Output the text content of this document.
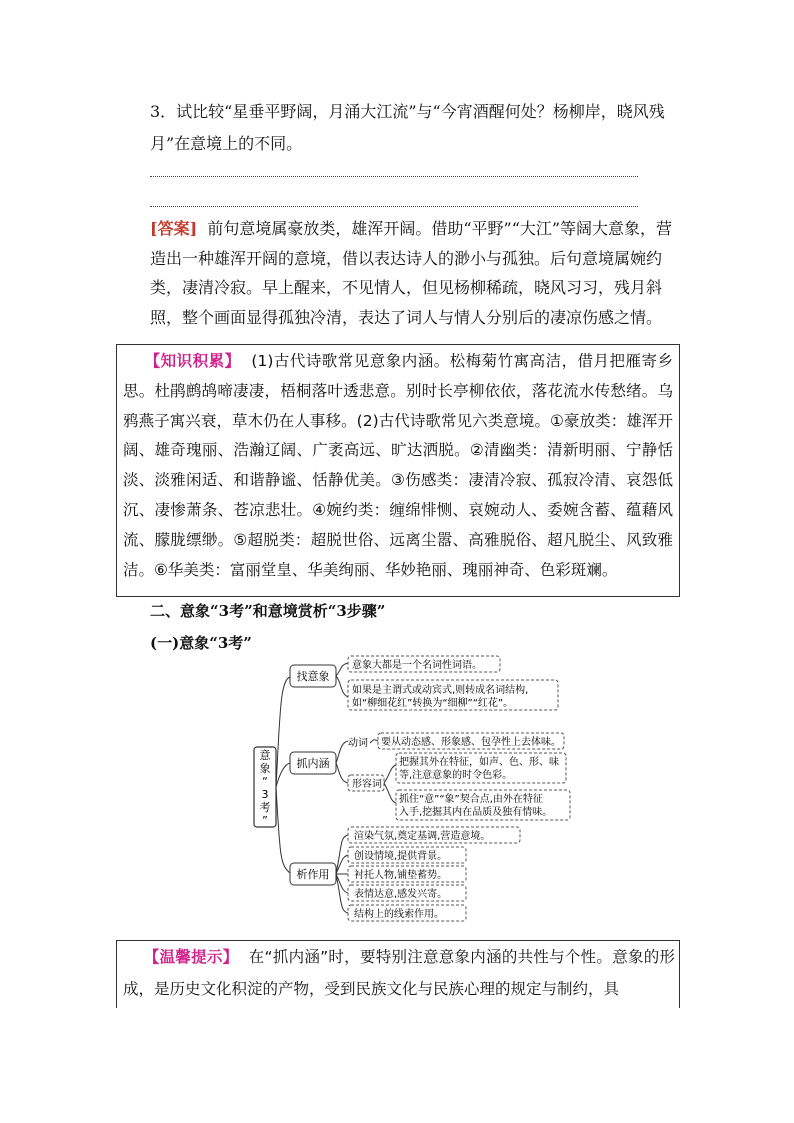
3．试比较“星垂平野阔，月涌大江流”与“今宵酒醒何处？杨柳岸，晓风残月”在意境上的不同。
[答案] 前句意境属豪放类，雄浑开阔。借助“平野”“大江”等阔大意象，营造出一种雄浑开阔的意境，借以表达诗人的渺小与孤独。后句意境属婉约类，凄清冷寂。早上醒来，不见情人，但见杨柳稀疏，晓风习习，残月斜照，整个画面显得孤独冷清，表达了词人与情人分别后的凄凉伤感之情。

【知识积累】 (1)古代诗歌常见意象内涵。松梅菊竹寓高洁，借月把雁寄乡思。杜鹃鹧鸪啼凄凄，梧桐落叶透悲意。别时长亭柳依依，落花流水传愁绪。乌鸦燕子寓兴衰，草木仍在人事移。(2)古代诗歌常见六类意境。①豪放类：雄浑开阔、雄奇瑰丽、浩瀚辽阔、广袤高远、旷达洒脱。②清幽类：清新明丽、宁静恬淡、淡雅闲适、和谐静谧、恬静优美。③伤感类：凄清冷寂、孤寂冷清、哀怨低沉、凄惨萧条、苍凉悲壮。④婉约类：缠绵悱恻、哀婉动人、委婉含蓄、蕴藉风流、朦胧缥缈。⑤超脱类：超脱世俗、远离尘嚣、高雅脱俗、超凡脱尘、风致雅洁。⑥华美类：富丽堂皇、华美绚丽、华妙艳丽、瑰丽神奇、色彩斑斓。

二、意象“3考”和意境赏析“3步骤”
(一)意象“3考”
意
象
“
3
考
”
找意象
意象大都是一个名词性词语。
如果是主谓式或动宾式,则转成名词结构,
如“柳细花红”转换为“细柳”“红花”。
抓内涵
动词 要从动态感、形象感、包孕性上去体味。
形容词
把握其外在特征，如声、色、形、味
等,注意意象的时令色彩。
抓住“意”“象”契合点,由外在特征
入手,挖掘其内在品质及独有情味。
析作用
渲染气氛,奠定基调,营造意境。
创设情境,提供背景。
衬托人物,铺垫蓄势。
表情达意,感发兴寄。
结构上的线索作用。

【温馨提示】 在“抓内涵”时，要特别注意意象内涵的共性与个性。意象的形成，是历史文化积淀的产物，受到民族文化与民族心理的规定与制约，具
